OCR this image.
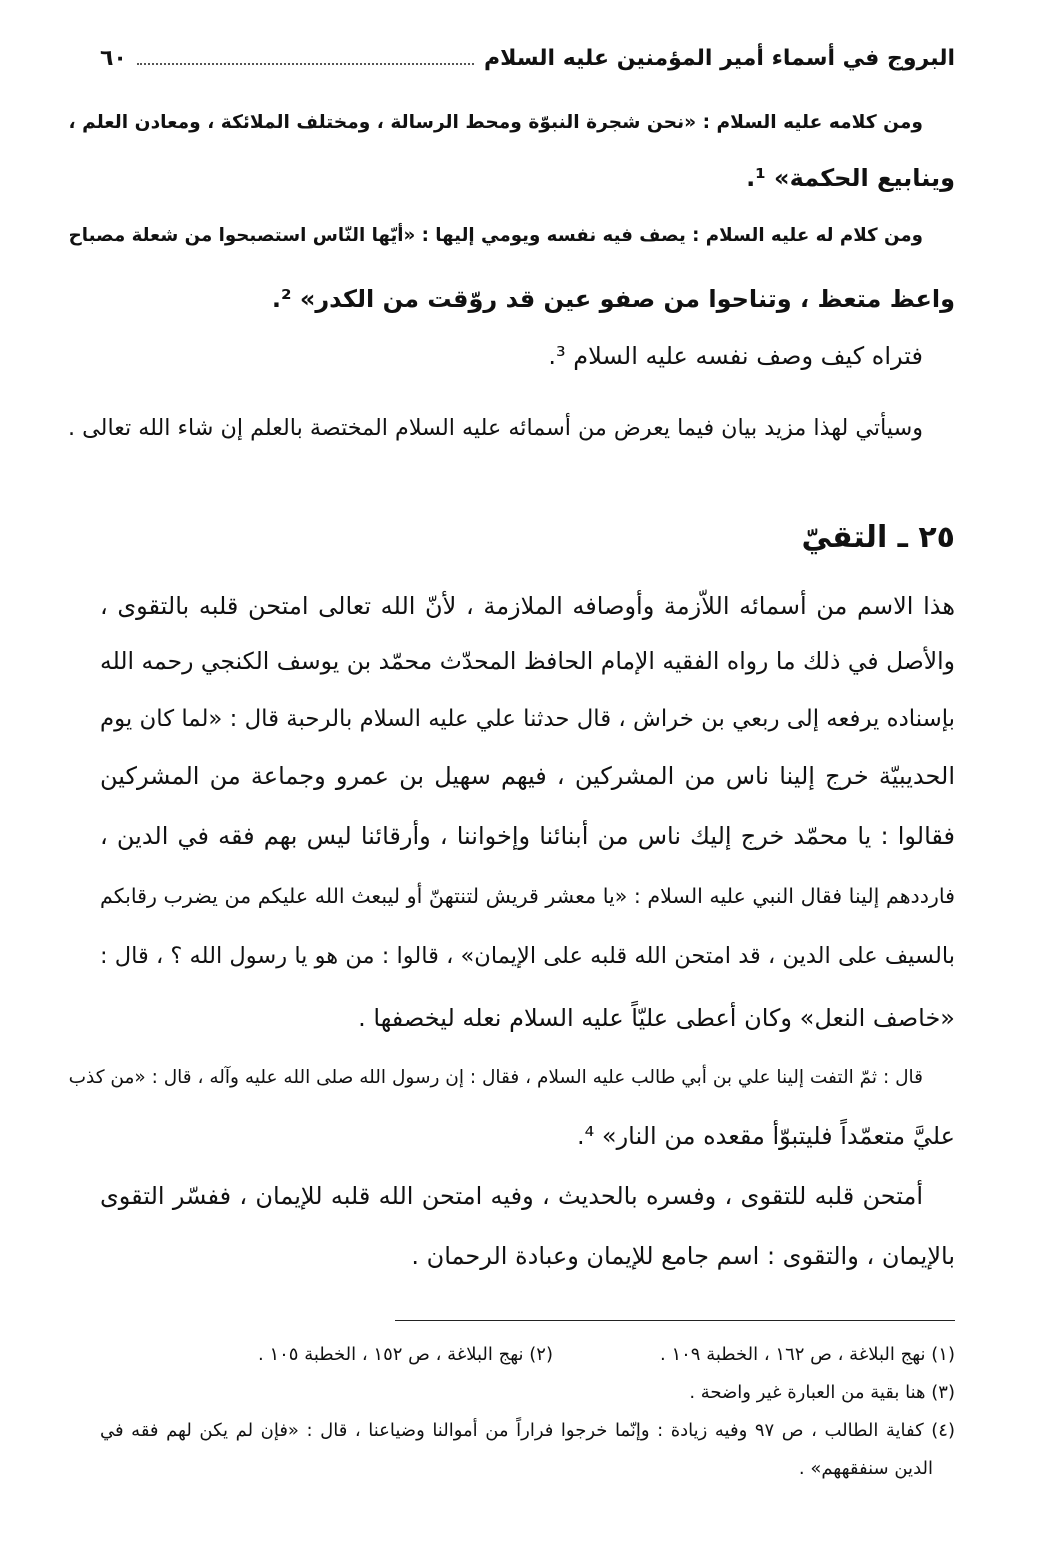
البروج في أسماء أمير المؤمنين عليه السلام
٦٠
ومن كلامه عليه السلام : «نحن شجرة النبوّة ومحط الرسالة ، ومختلف الملائكة ، ومعادن العلم ،
وينابيع الحكمة» ¹.
ومن كلام له عليه السلام : يصف فيه نفسه ويومي إليها : «أيّها النّاس استصبحوا من شعلة مصباح
واعظ متعظ ، وتناحوا من صفو عين قد روّقت من الكدر» ².
فتراه كيف وصف نفسه عليه السلام ³.
وسيأتي لهذا مزيد بيان فيما يعرض من أسمائه عليه السلام المختصة بالعلم إن شاء الله تعالى .
٢٥ ـ التقيّ
هذا الاسم من أسمائه اللاّزمة وأوصافه الملازمة ، لأنّ الله تعالى امتحن قلبه بالتقوى ،
والأصل في ذلك ما رواه الفقيه الإمام الحافظ المحدّث محمّد بن يوسف الكنجي رحمه الله
بإسناده يرفعه إلى ربعي بن خراش ، قال حدثنا علي عليه السلام بالرحبة قال : «لما كان يوم
الحديبيّة خرج إلينا ناس من المشركين ، فيهم سهيل بن عمرو وجماعة من المشركين
فقالوا : يا محمّد خرج إليك ناس من أبنائنا وإخواننا ، وأرقائنا ليس بهم فقه في الدين ،
فارددهم إلينا فقال النبي عليه السلام : «يا معشر قريش لتنتهنّ أو ليبعث الله عليكم من يضرب رقابكم
بالسيف على الدين ، قد امتحن الله قلبه على الإيمان» ، قالوا : من هو يا رسول الله ؟ ، قال :
«خاصف النعل» وكان أعطى عليّاً عليه السلام نعله ليخصفها .
قال : ثمّ التفت إلينا علي بن أبي طالب عليه السلام ، فقال : إن رسول الله صلى الله عليه وآله ، قال : «من كذب
عليَّ متعمّداً فليتبوّأ مقعده من النار» ⁴.
أمتحن قلبه للتقوى ، وفسره بالحديث ، وفيه امتحن الله قلبه للإيمان ، ففسّر التقوى
بالإيمان ، والتقوى : اسم جامع للإيمان وعبادة الرحمان .
(١) نهج البلاغة ، ص ١٦٢ ، الخطبة ١٠٩ .
(٢) نهج البلاغة ، ص ١٥٢ ، الخطبة ١٠٥ .
(٣) هنا بقية من العبارة غير واضحة .
(٤) كفاية الطالب ، ص ٩٧ وفيه زيادة : وإنّما خرجوا فراراً من أموالنا وضياعنا ، قال : «فإن لم يكن لهم فقه في
الدين سنفقههم» .
